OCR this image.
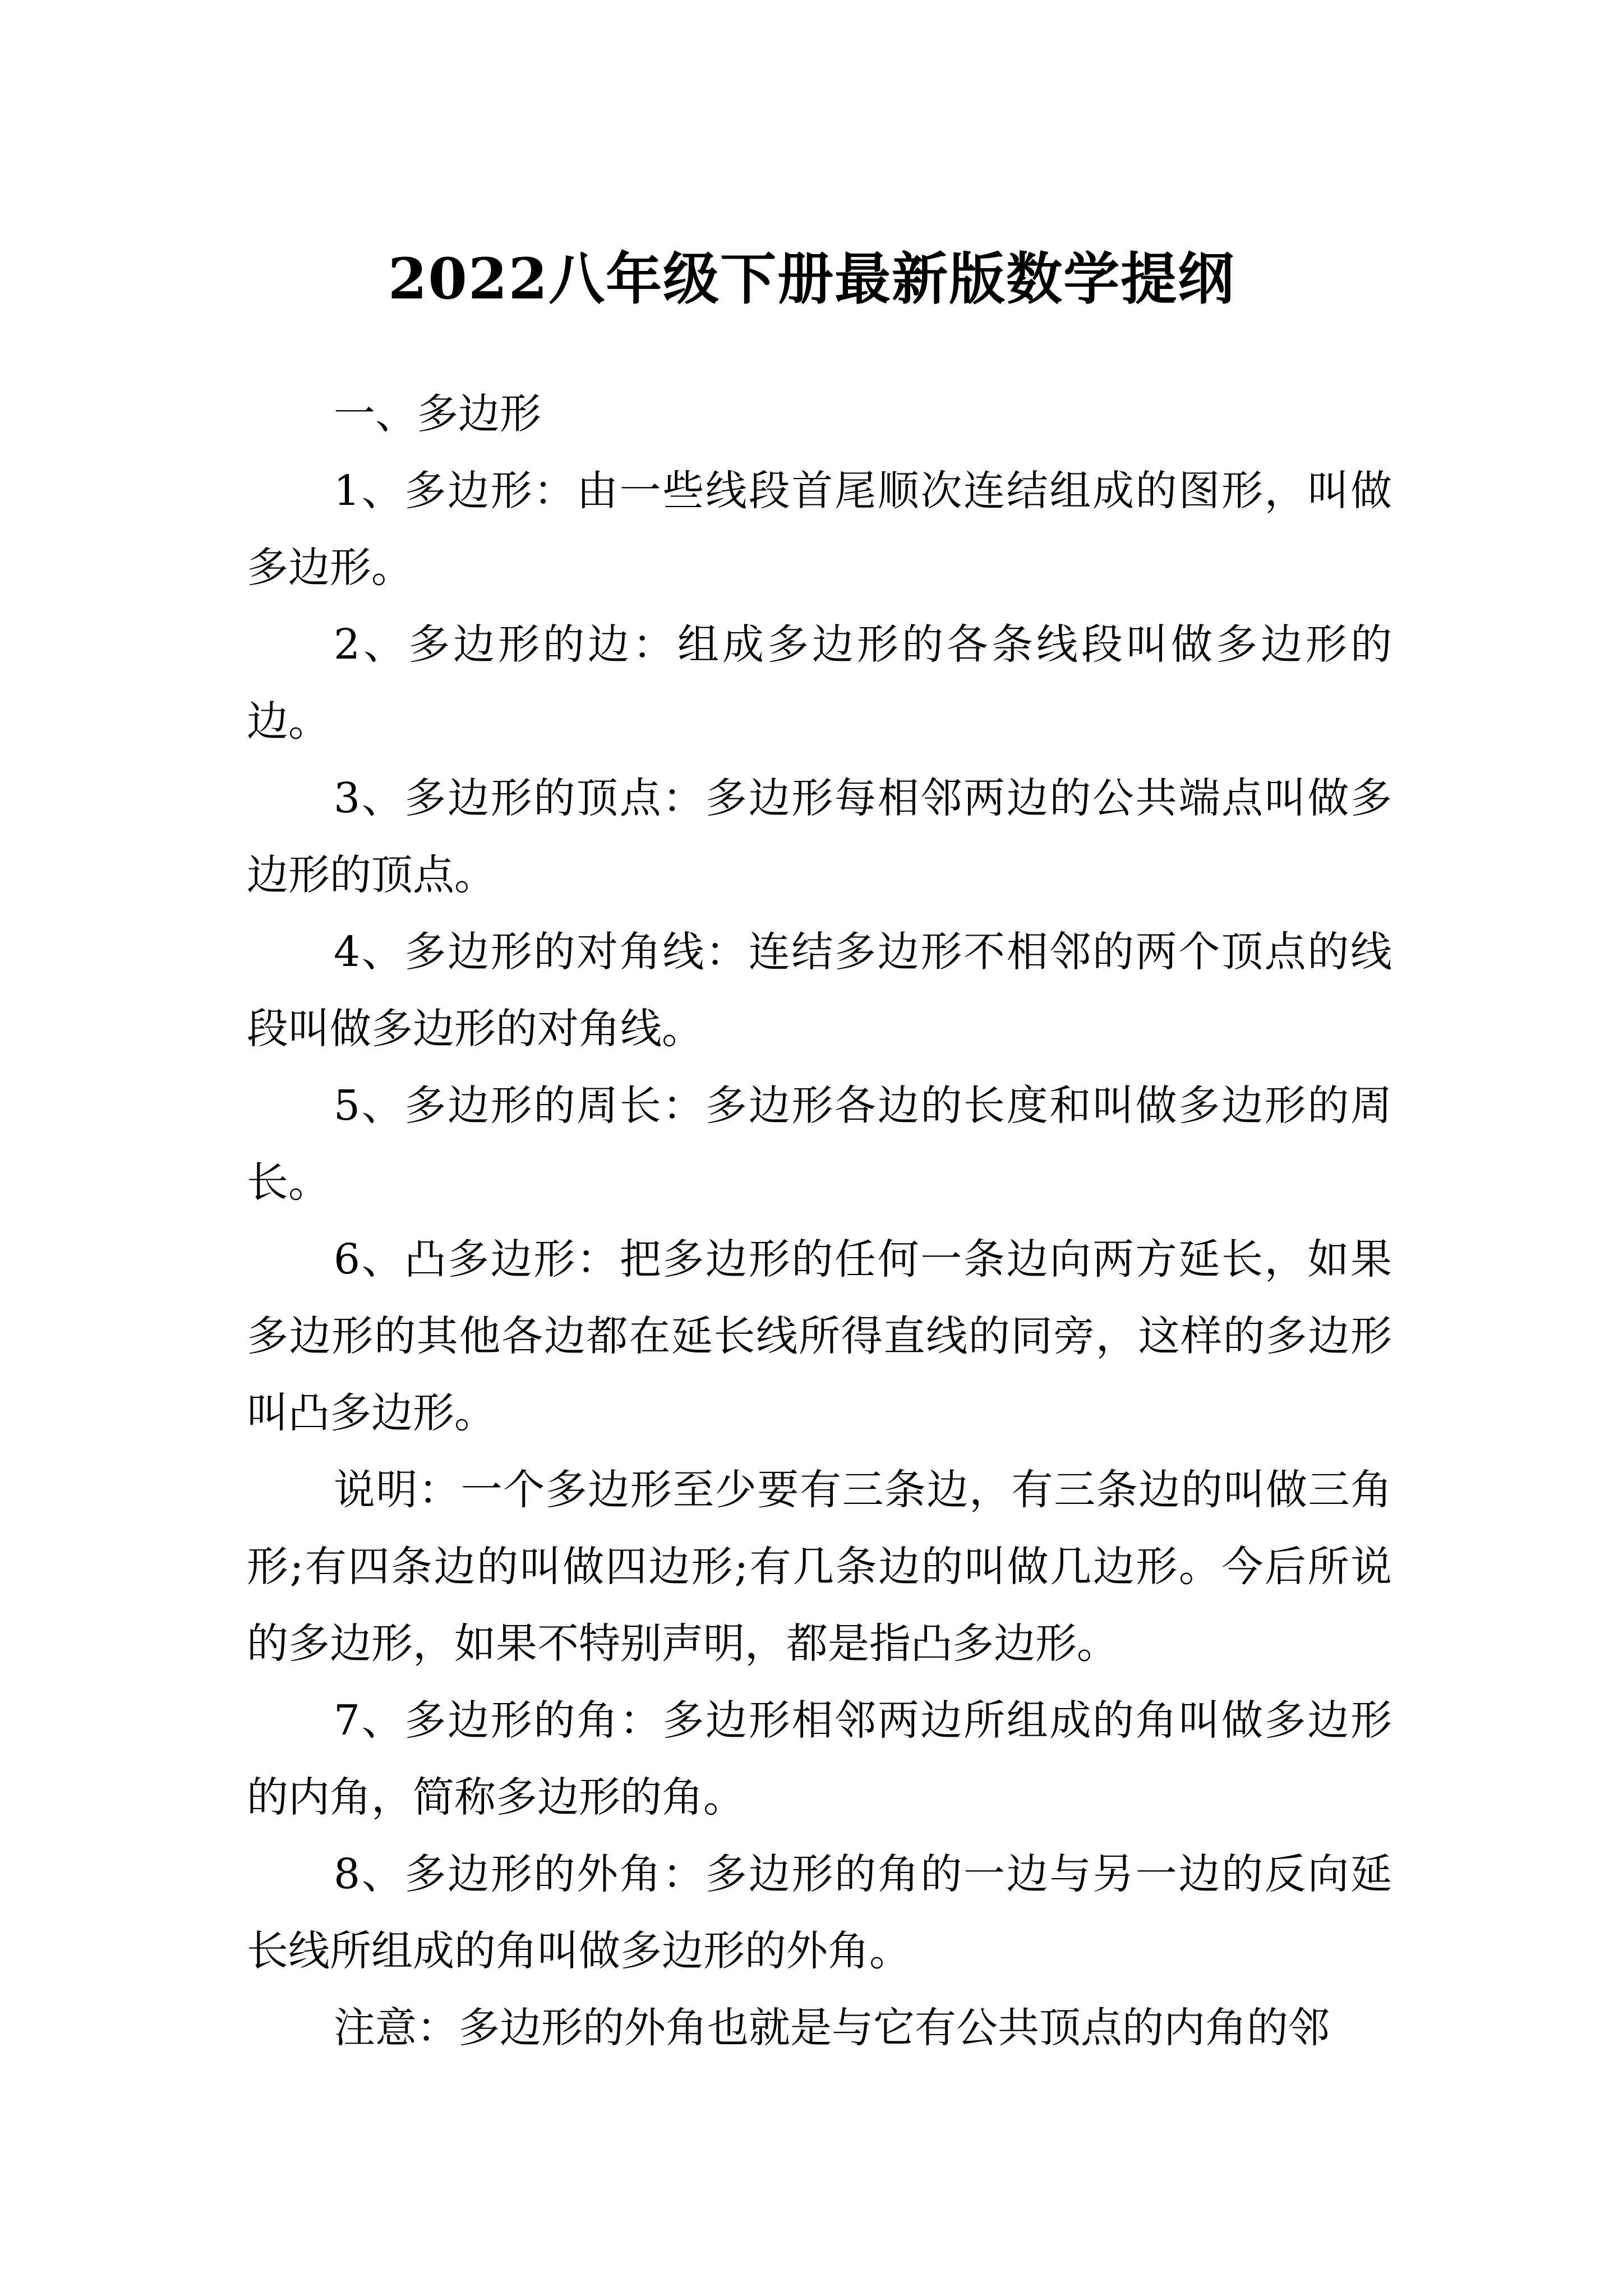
2022八年级下册最新版数学提纲

一、多边形

1、多边形：由一些线段首尾顺次连结组成的图形，叫做多边形。

2、多边形的边：组成多边形的各条线段叫做多边形的边。

3、多边形的顶点：多边形每相邻两边的公共端点叫做多边形的顶点。

4、多边形的对角线：连结多边形不相邻的两个顶点的线段叫做多边形的对角线。

5、多边形的周长：多边形各边的长度和叫做多边形的周长。

6、凸多边形：把多边形的任何一条边向两方延长，如果多边形的其他各边都在延长线所得直线的同旁，这样的多边形叫凸多边形。

说明：一个多边形至少要有三条边，有三条边的叫做三角形;有四条边的叫做四边形;有几条边的叫做几边形。今后所说的多边形，如果不特别声明，都是指凸多边形。

7、多边形的角：多边形相邻两边所组成的角叫做多边形的内角，简称多边形的角。

8、多边形的外角：多边形的角的一边与另一边的反向延长线所组成的角叫做多边形的外角。

注意：多边形的外角也就是与它有公共顶点的内角的邻
